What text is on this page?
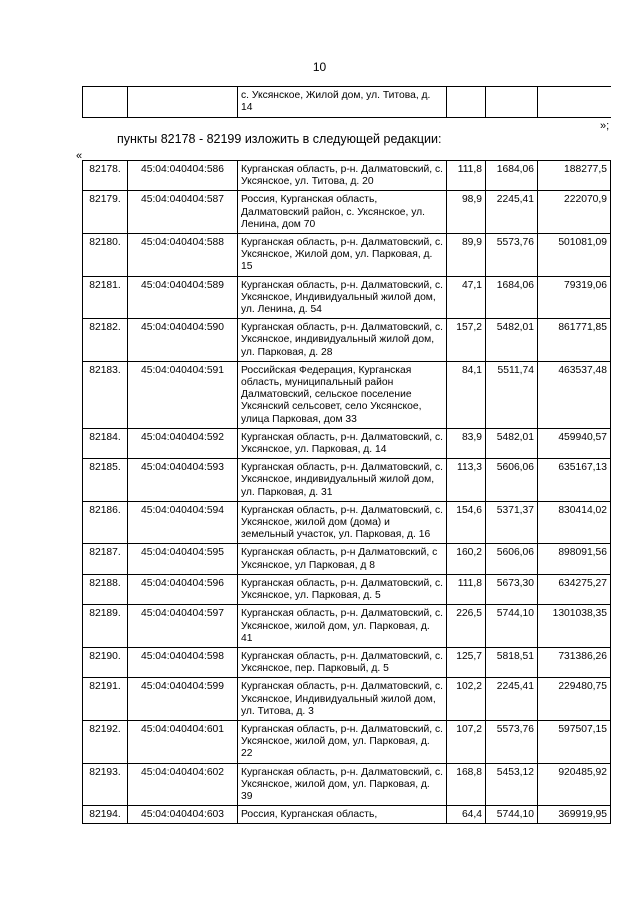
10
		с. Уксянское, Жилой дом, ул. Титова, д. 14			
»;
пункты 82178 - 82199 изложить в следующей редакции:
«
82178.	45:04:040404:586	Курганская область, р-н. Далматовский, с. Уксянское, ул. Титова, д. 20	111,8	1684,06	188277,5
82179.	45:04:040404:587	Россия, Курганская область, Далматовский район, с. Уксянское, ул. Ленина, дом 70	98,9	2245,41	222070,9
82180.	45:04:040404:588	Курганская область, р-н. Далматовский, с. Уксянское, Жилой дом, ул. Парковая, д. 15	89,9	5573,76	501081,09
82181.	45:04:040404:589	Курганская область, р-н. Далматовский, с. Уксянское, Индивидуальный жилой дом, ул. Ленина, д. 54	47,1	1684,06	79319,06
82182.	45:04:040404:590	Курганская область, р-н. Далматовский, с. Уксянское, индивидуальный жилой дом, ул. Парковая, д. 28	157,2	5482,01	861771,85
82183.	45:04:040404:591	Российская Федерация, Курганская область, муниципальный район Далматовский, сельское поселение Уксянский сельсовет, село Уксянское, улица Парковая, дом 33	84,1	5511,74	463537,48
82184.	45:04:040404:592	Курганская область, р-н. Далматовский, с. Уксянское, ул. Парковая, д. 14	83,9	5482,01	459940,57
82185.	45:04:040404:593	Курганская область, р-н. Далматовский, с. Уксянское, индивидуальный жилой дом, ул. Парковая, д. 31	113,3	5606,06	635167,13
82186.	45:04:040404:594	Курганская область, р-н. Далматовский, с. Уксянское, жилой дом (дома) и земельный участок, ул. Парковая, д. 16	154,6	5371,37	830414,02
82187.	45:04:040404:595	Курганская область, р-н Далматовский, с Уксянское, ул Парковая, д 8	160,2	5606,06	898091,56
82188.	45:04:040404:596	Курганская область, р-н. Далматовский, с. Уксянское, ул. Парковая, д. 5	111,8	5673,30	634275,27
82189.	45:04:040404:597	Курганская область, р-н. Далматовский, с. Уксянское, жилой дом, ул. Парковая, д. 41	226,5	5744,10	1301038,35
82190.	45:04:040404:598	Курганская область, р-н. Далматовский, с. Уксянское, пер. Парковый, д. 5	125,7	5818,51	731386,26
82191.	45:04:040404:599	Курганская область, р-н. Далматовский, с. Уксянское, Индивидуальный жилой дом, ул. Титова, д. 3	102,2	2245,41	229480,75
82192.	45:04:040404:601	Курганская область, р-н. Далматовский, с. Уксянское, жилой дом, ул. Парковая, д. 22	107,2	5573,76	597507,15
82193.	45:04:040404:602	Курганская область, р-н. Далматовский, с. Уксянское, жилой дом, ул. Парковая, д. 39	168,8	5453,12	920485,92
82194.	45:04:040404:603	Россия, Курганская область,	64,4	5744,10	369919,95
